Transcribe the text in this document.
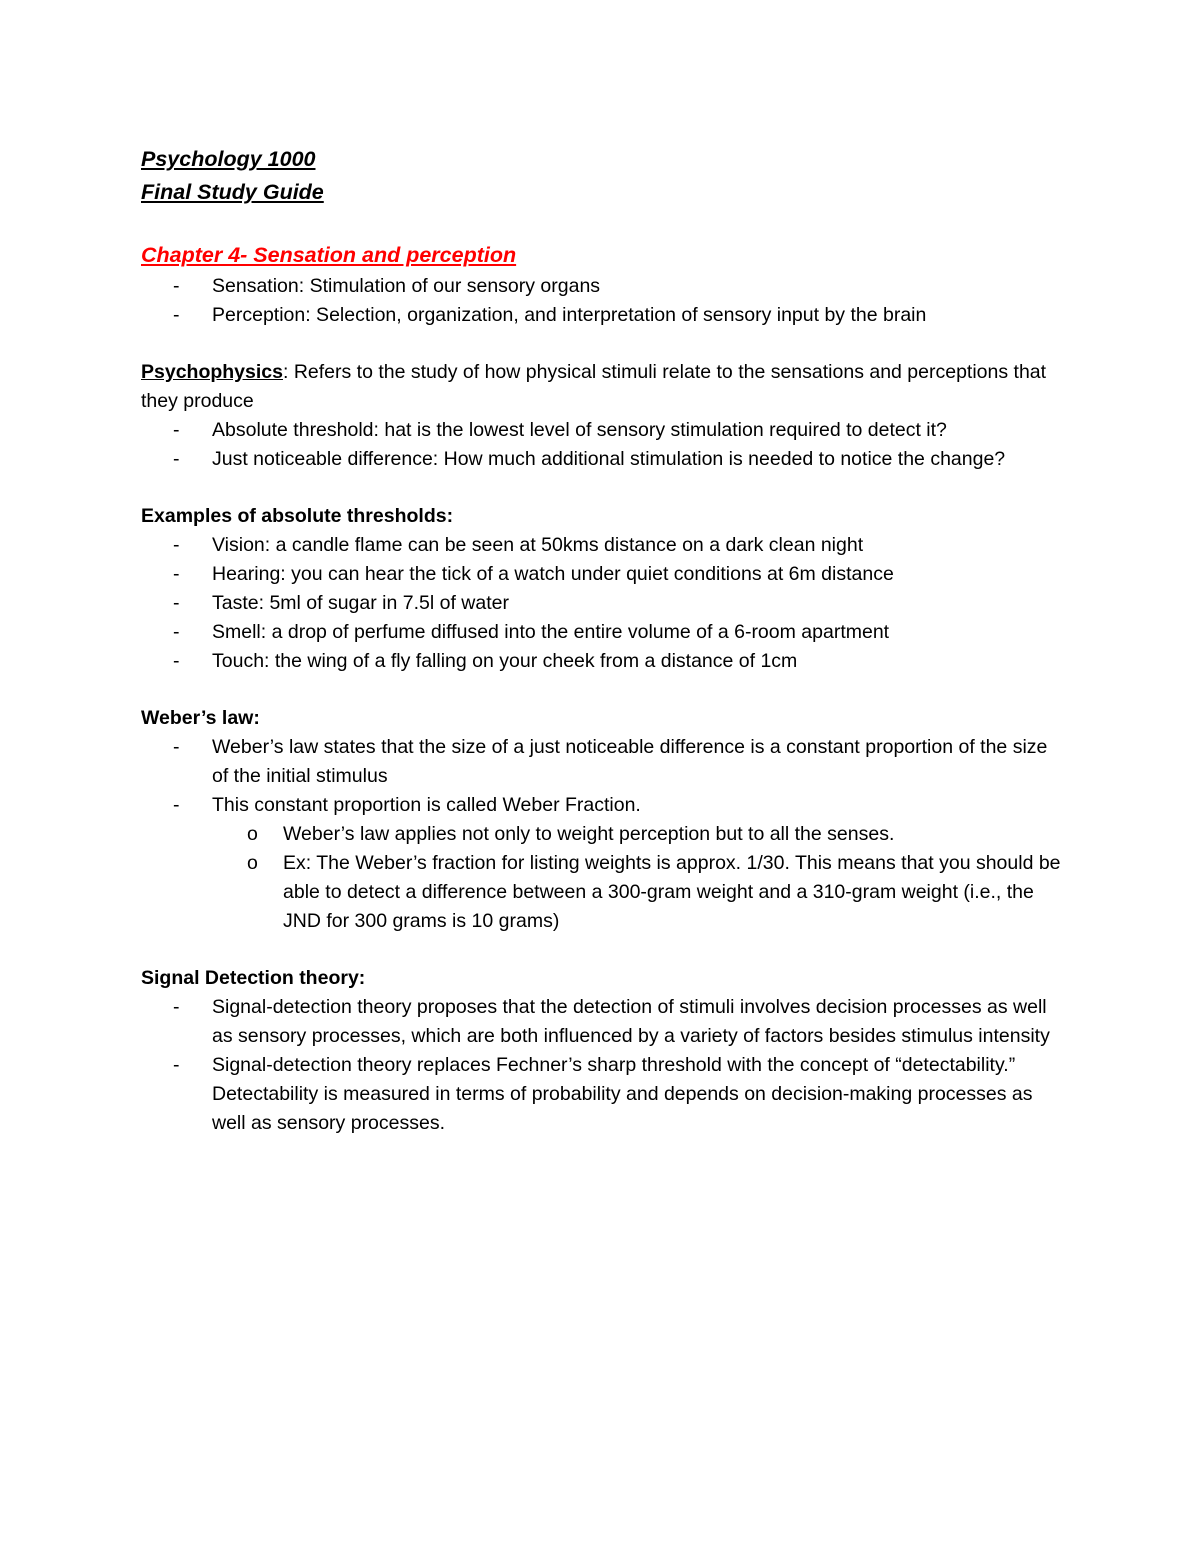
Psychology 1000
Final Study Guide
Chapter 4- Sensation and perception
- Sensation: Stimulation of our sensory organs
- Perception: Selection, organization, and interpretation of sensory input by the brain
Psychophysics: Refers to the study of how physical stimuli relate to the sensations and perceptions that they produce
- Absolute threshold: hat is the lowest level of sensory stimulation required to detect it?
- Just noticeable difference: How much additional stimulation is needed to notice the change?
Examples of absolute thresholds:
- Vision: a candle flame can be seen at 50kms distance on a dark clean night
- Hearing: you can hear the tick of a watch under quiet conditions at 6m distance
- Taste: 5ml of sugar in 7.5l of water
- Smell: a drop of perfume diffused into the entire volume of a 6-room apartment
- Touch: the wing of a fly falling on your cheek from a distance of 1cm
Weber’s law:
- Weber’s law states that the size of a just noticeable difference is a constant proportion of the size of the initial stimulus
- This constant proportion is called Weber Fraction.
o Weber’s law applies not only to weight perception but to all the senses.
o Ex: The Weber’s fraction for listing weights is approx. 1/30. This means that you should be able to detect a difference between a 300-gram weight and a 310-gram weight (i.e., the JND for 300 grams is 10 grams)
Signal Detection theory:
- Signal-detection theory proposes that the detection of stimuli involves decision processes as well as sensory processes, which are both influenced by a variety of factors besides stimulus intensity
- Signal-detection theory replaces Fechner’s sharp threshold with the concept of “detectability.” Detectability is measured in terms of probability and depends on decision-making processes as well as sensory processes.
